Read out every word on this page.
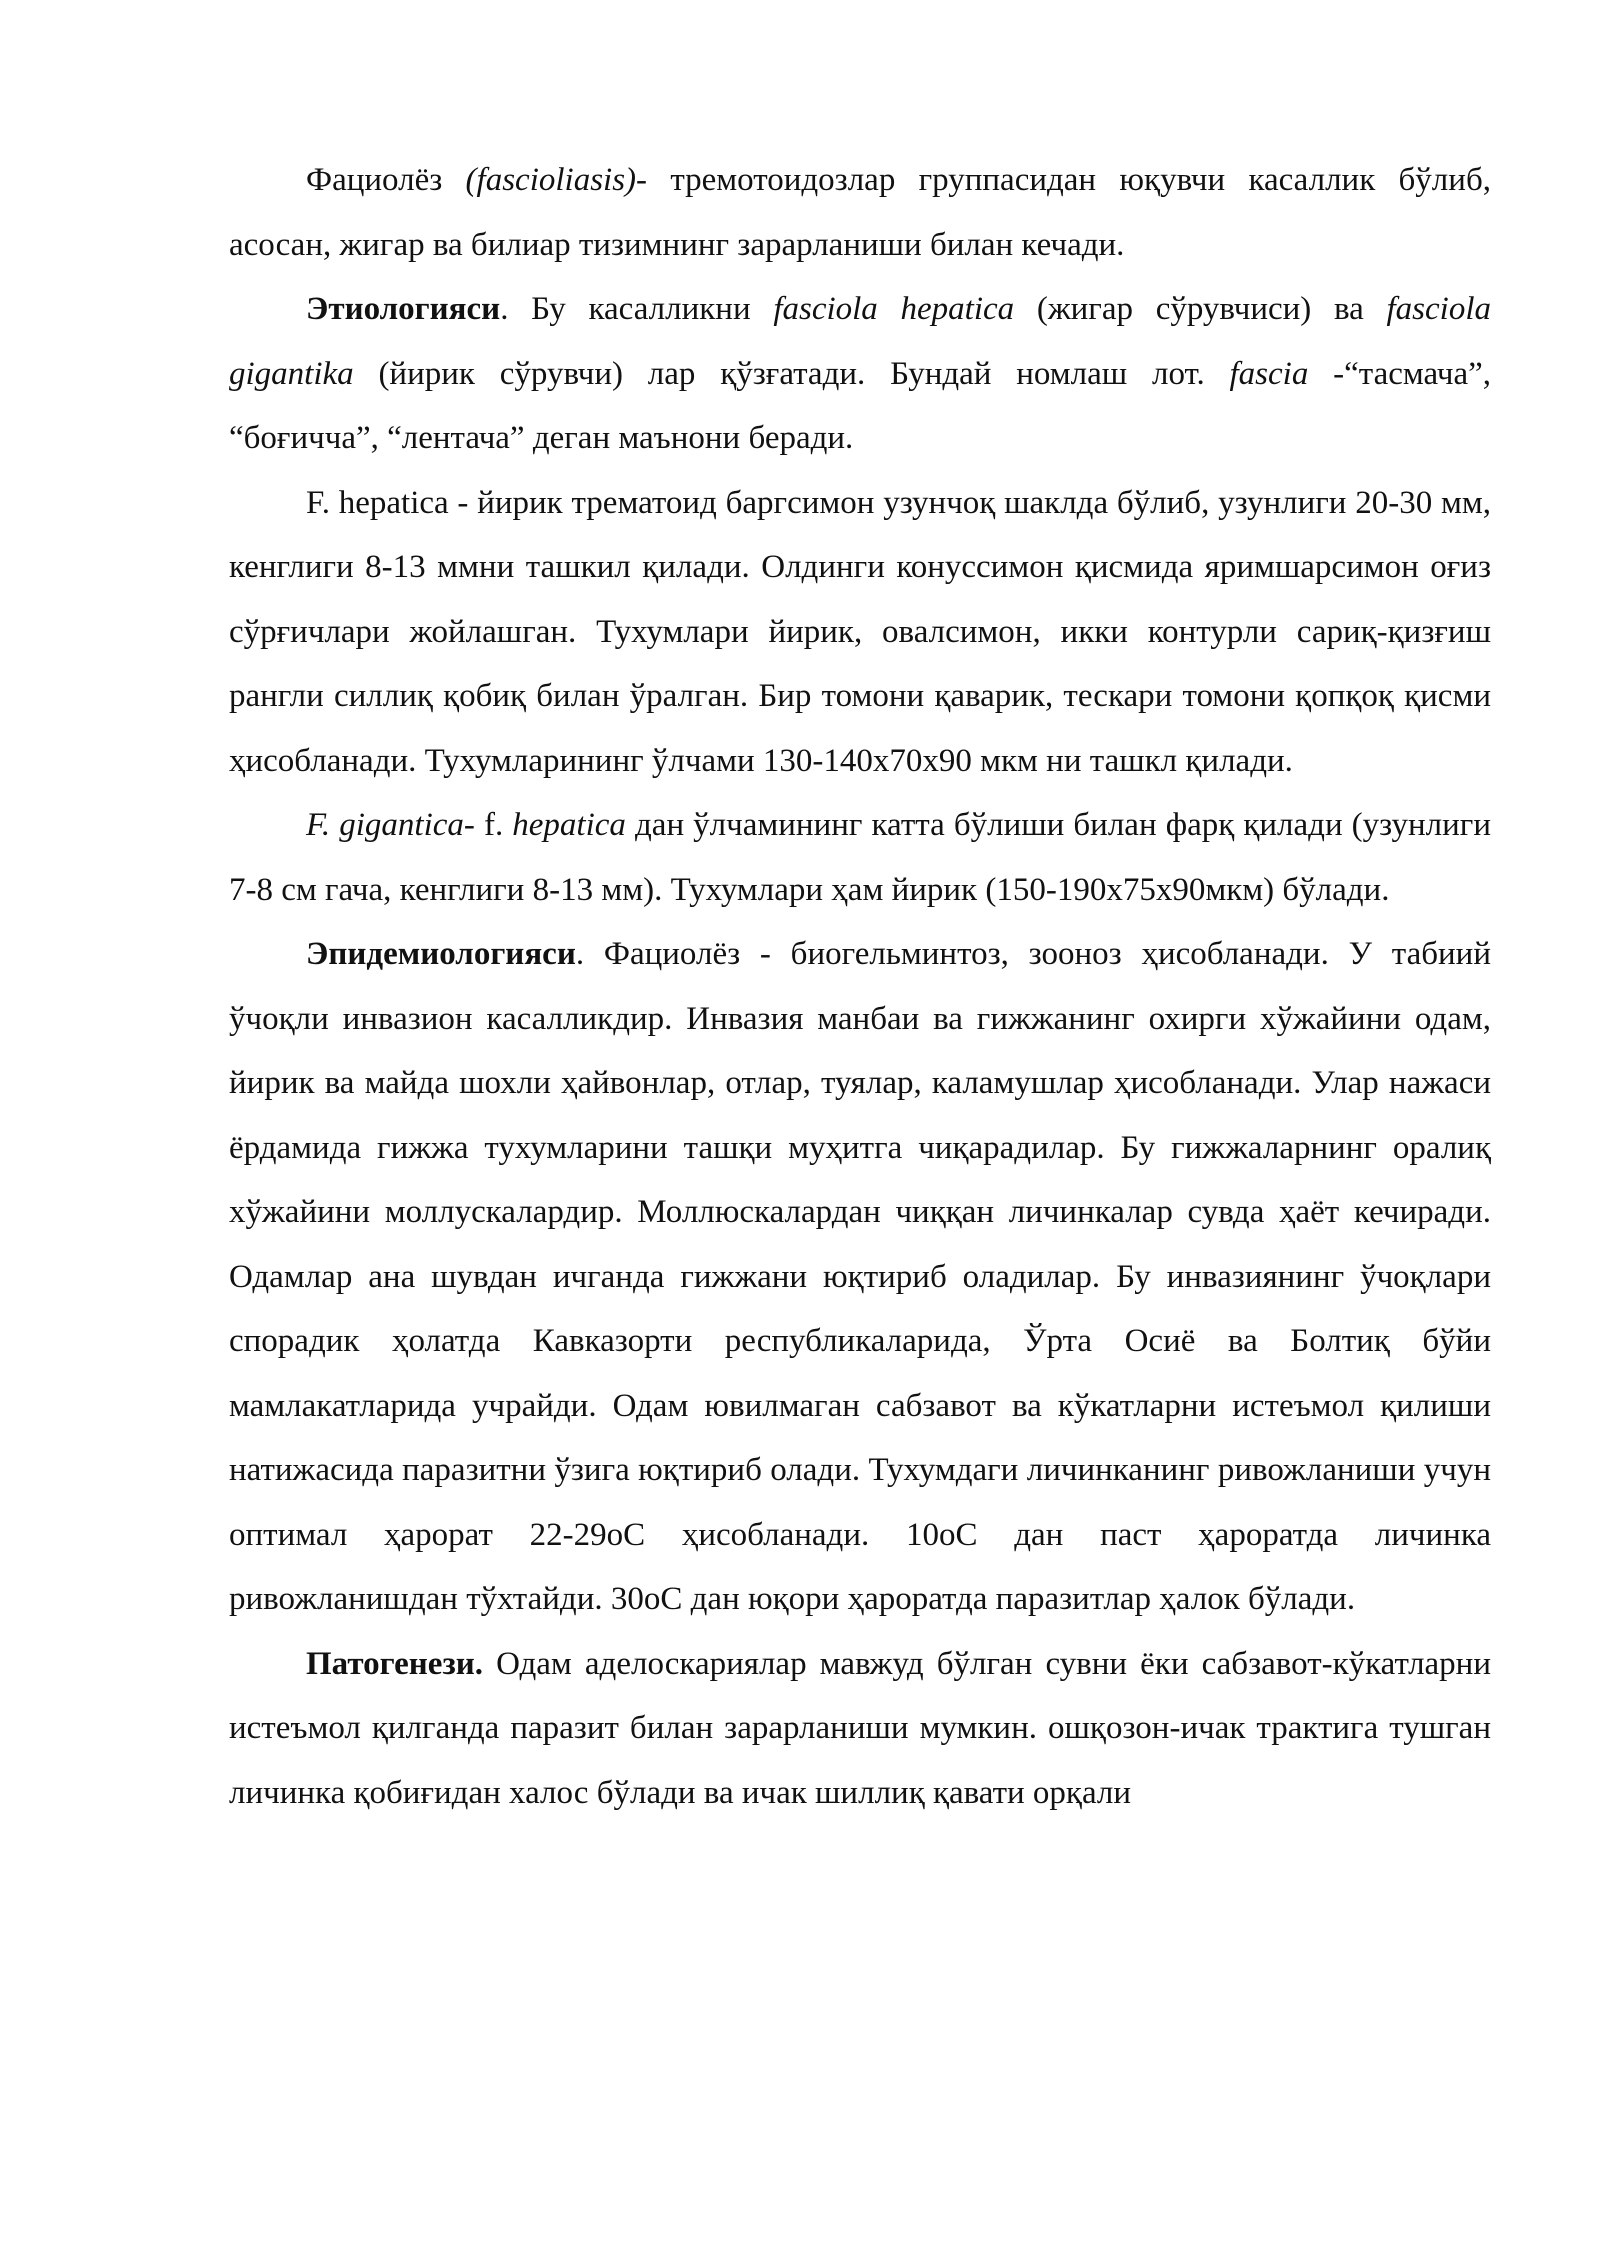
Фациолёз (fascioliasis)- тремотоидозлар группасидан юқувчи касаллик бўлиб, асосан, жигар ва билиар тизимнинг зарарланиши билан кечади.

Этиологияси. Бу касалликни fasciola hepatica (жигар сўрувчиси) ва fasciola gigantika (йирик сўрувчи) лар қўзғатади. Бундай номлаш лот. fascia -“тасмача”, “боғичча”, “лентача” деган маънони беради.

F. hepatica - йирик трематоид баргсимон узунчоқ шаклда бўлиб, узунлиги 20-30 мм, кенглиги 8-13 ммни ташкил қилади. Олдинги конуссимон қисмида яримшарсимон оғиз сўрғичлари жойлашган. Тухумлари йирик, овалсимон, икки контурли сариқ-қизғиш рангли силлиқ қобиқ билан ўралган. Бир томони қаварик, тескари томони қопқоқ қисми ҳисобланади. Тухумларининг ўлчами 130-140х70х90 мкм ни ташкл қилади.

F. gigantica- f. hepatica дан ўлчамининг катта бўлиши билан фарқ қилади (узунлиги 7-8 см гача, кенглиги 8-13 мм). Тухумлари ҳам йирик (150-190х75х90мкм) бўлади.

Эпидемиологияси. Фациолёз - биогельминтоз, зооноз ҳисобланади. У табиий ўчоқли инвазион касалликдир. Инвазия манбаи ва гижжанинг охирги хўжайини одам, йирик ва майда шохли ҳайвонлар, отлар, туялар, каламушлар ҳисобланади. Улар нажаси ёрдамида гижжа тухумларини ташқи муҳитга чиқарадилар. Бу гижжаларнинг оралиқ хўжайини моллускалардир. Моллюскалардан чиққан личинкалар сувда ҳаёт кечиради. Одамлар ана шувдан ичганда гижжани юқтириб оладилар. Бу инвазиянинг ўчоқлари спорадик ҳолатда Кавказорти республикаларида, Ўрта Осиё ва Болтиқ бўйи мамлакатларида учрайди. Одам ювилмаган сабзавот ва кўкатларни истеъмол қилиши натижасида паразитни ўзига юқтириб олади. Тухумдаги личинканинг ривожланиши учун оптимал ҳарорат 22-29оС ҳисобланади. 10оС дан паст ҳароратда личинка ривожланишдан тўхтайди. 30оС дан юқори ҳароратда паразитлар ҳалок бўлади.

Патогенези. Одам аделоскариялар мавжуд бўлган сувни ёки сабзавот-кўкатларни истеъмол қилганда паразит билан зарарланиши мумкин. ошқозон-ичак трактига тушган личинка қобиғидан халос бўлади ва ичак шиллиқ қавати орқали
